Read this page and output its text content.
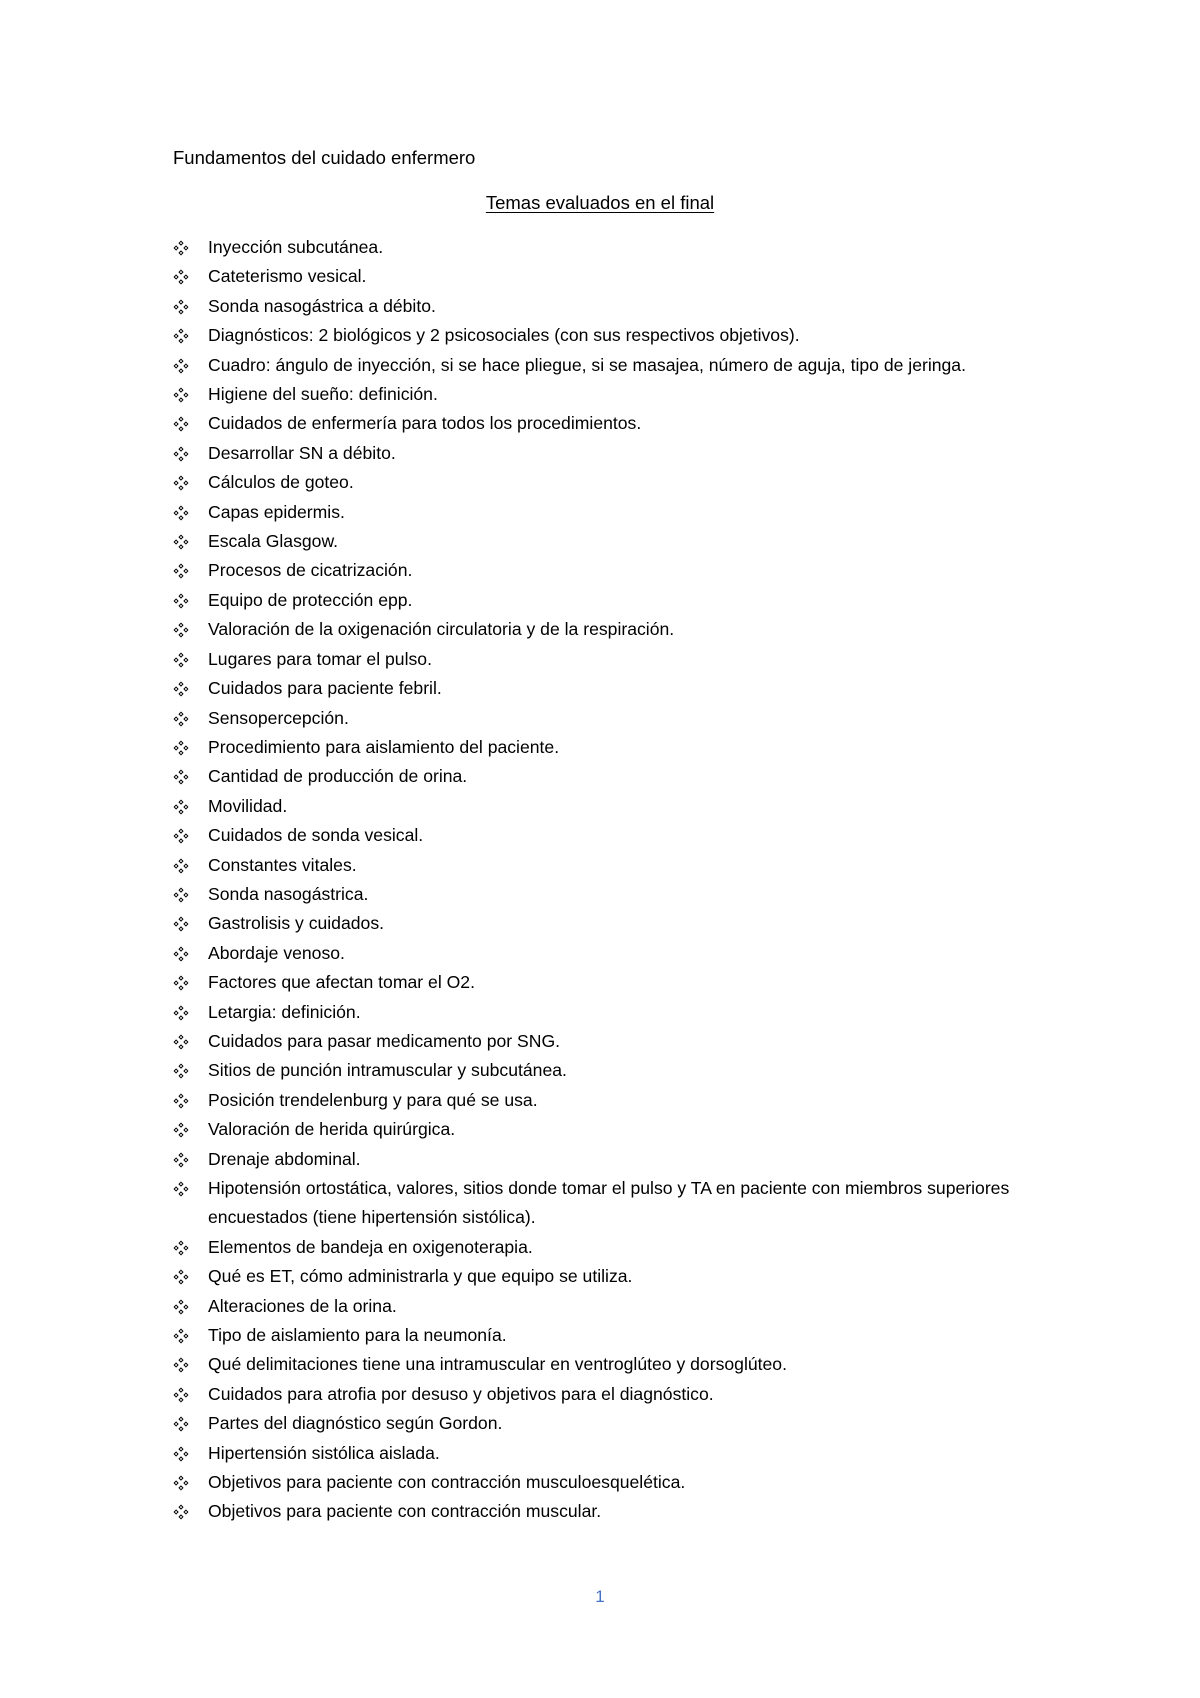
Fundamentos del cuidado enfermero
Temas evaluados en el final
Inyección subcutánea.
Cateterismo vesical.
Sonda nasogástrica a débito.
Diagnósticos: 2 biológicos y 2 psicosociales (con sus respectivos objetivos).
Cuadro: ángulo de inyección, si se hace pliegue, si se masajea, número de aguja, tipo de jeringa.
Higiene del sueño: definición.
Cuidados de enfermería para todos los procedimientos.
Desarrollar SN a débito.
Cálculos de goteo.
Capas epidermis.
Escala Glasgow.
Procesos de cicatrización.
Equipo de protección epp.
Valoración de la oxigenación circulatoria y de la respiración.
Lugares para tomar el pulso.
Cuidados para paciente febril.
Sensopercepción.
Procedimiento para aislamiento del paciente.
Cantidad de producción de orina.
Movilidad.
Cuidados de sonda vesical.
Constantes vitales.
Sonda nasogástrica.
Gastrolisis y cuidados.
Abordaje venoso.
Factores que afectan tomar el O2.
Letargia: definición.
Cuidados para pasar medicamento por SNG.
Sitios de punción intramuscular y subcutánea.
Posición trendelenburg y para qué se usa.
Valoración de herida quirúrgica.
Drenaje abdominal.
Hipotensión ortostática, valores, sitios donde tomar el pulso y TA en paciente con miembros superiores encuestados (tiene hipertensión sistólica).
Elementos de bandeja en oxigenoterapia.
Qué es ET, cómo administrarla y que equipo se utiliza.
Alteraciones de la orina.
Tipo de aislamiento para la neumonía.
Qué delimitaciones tiene una intramuscular en ventroglúteo y dorsoglúteo.
Cuidados para atrofia por desuso y objetivos para el diagnóstico.
Partes del diagnóstico según Gordon.
Hipertensión sistólica aislada.
Objetivos para paciente con contracción musculoesquelética.
Objetivos para paciente con contracción muscular.
1
